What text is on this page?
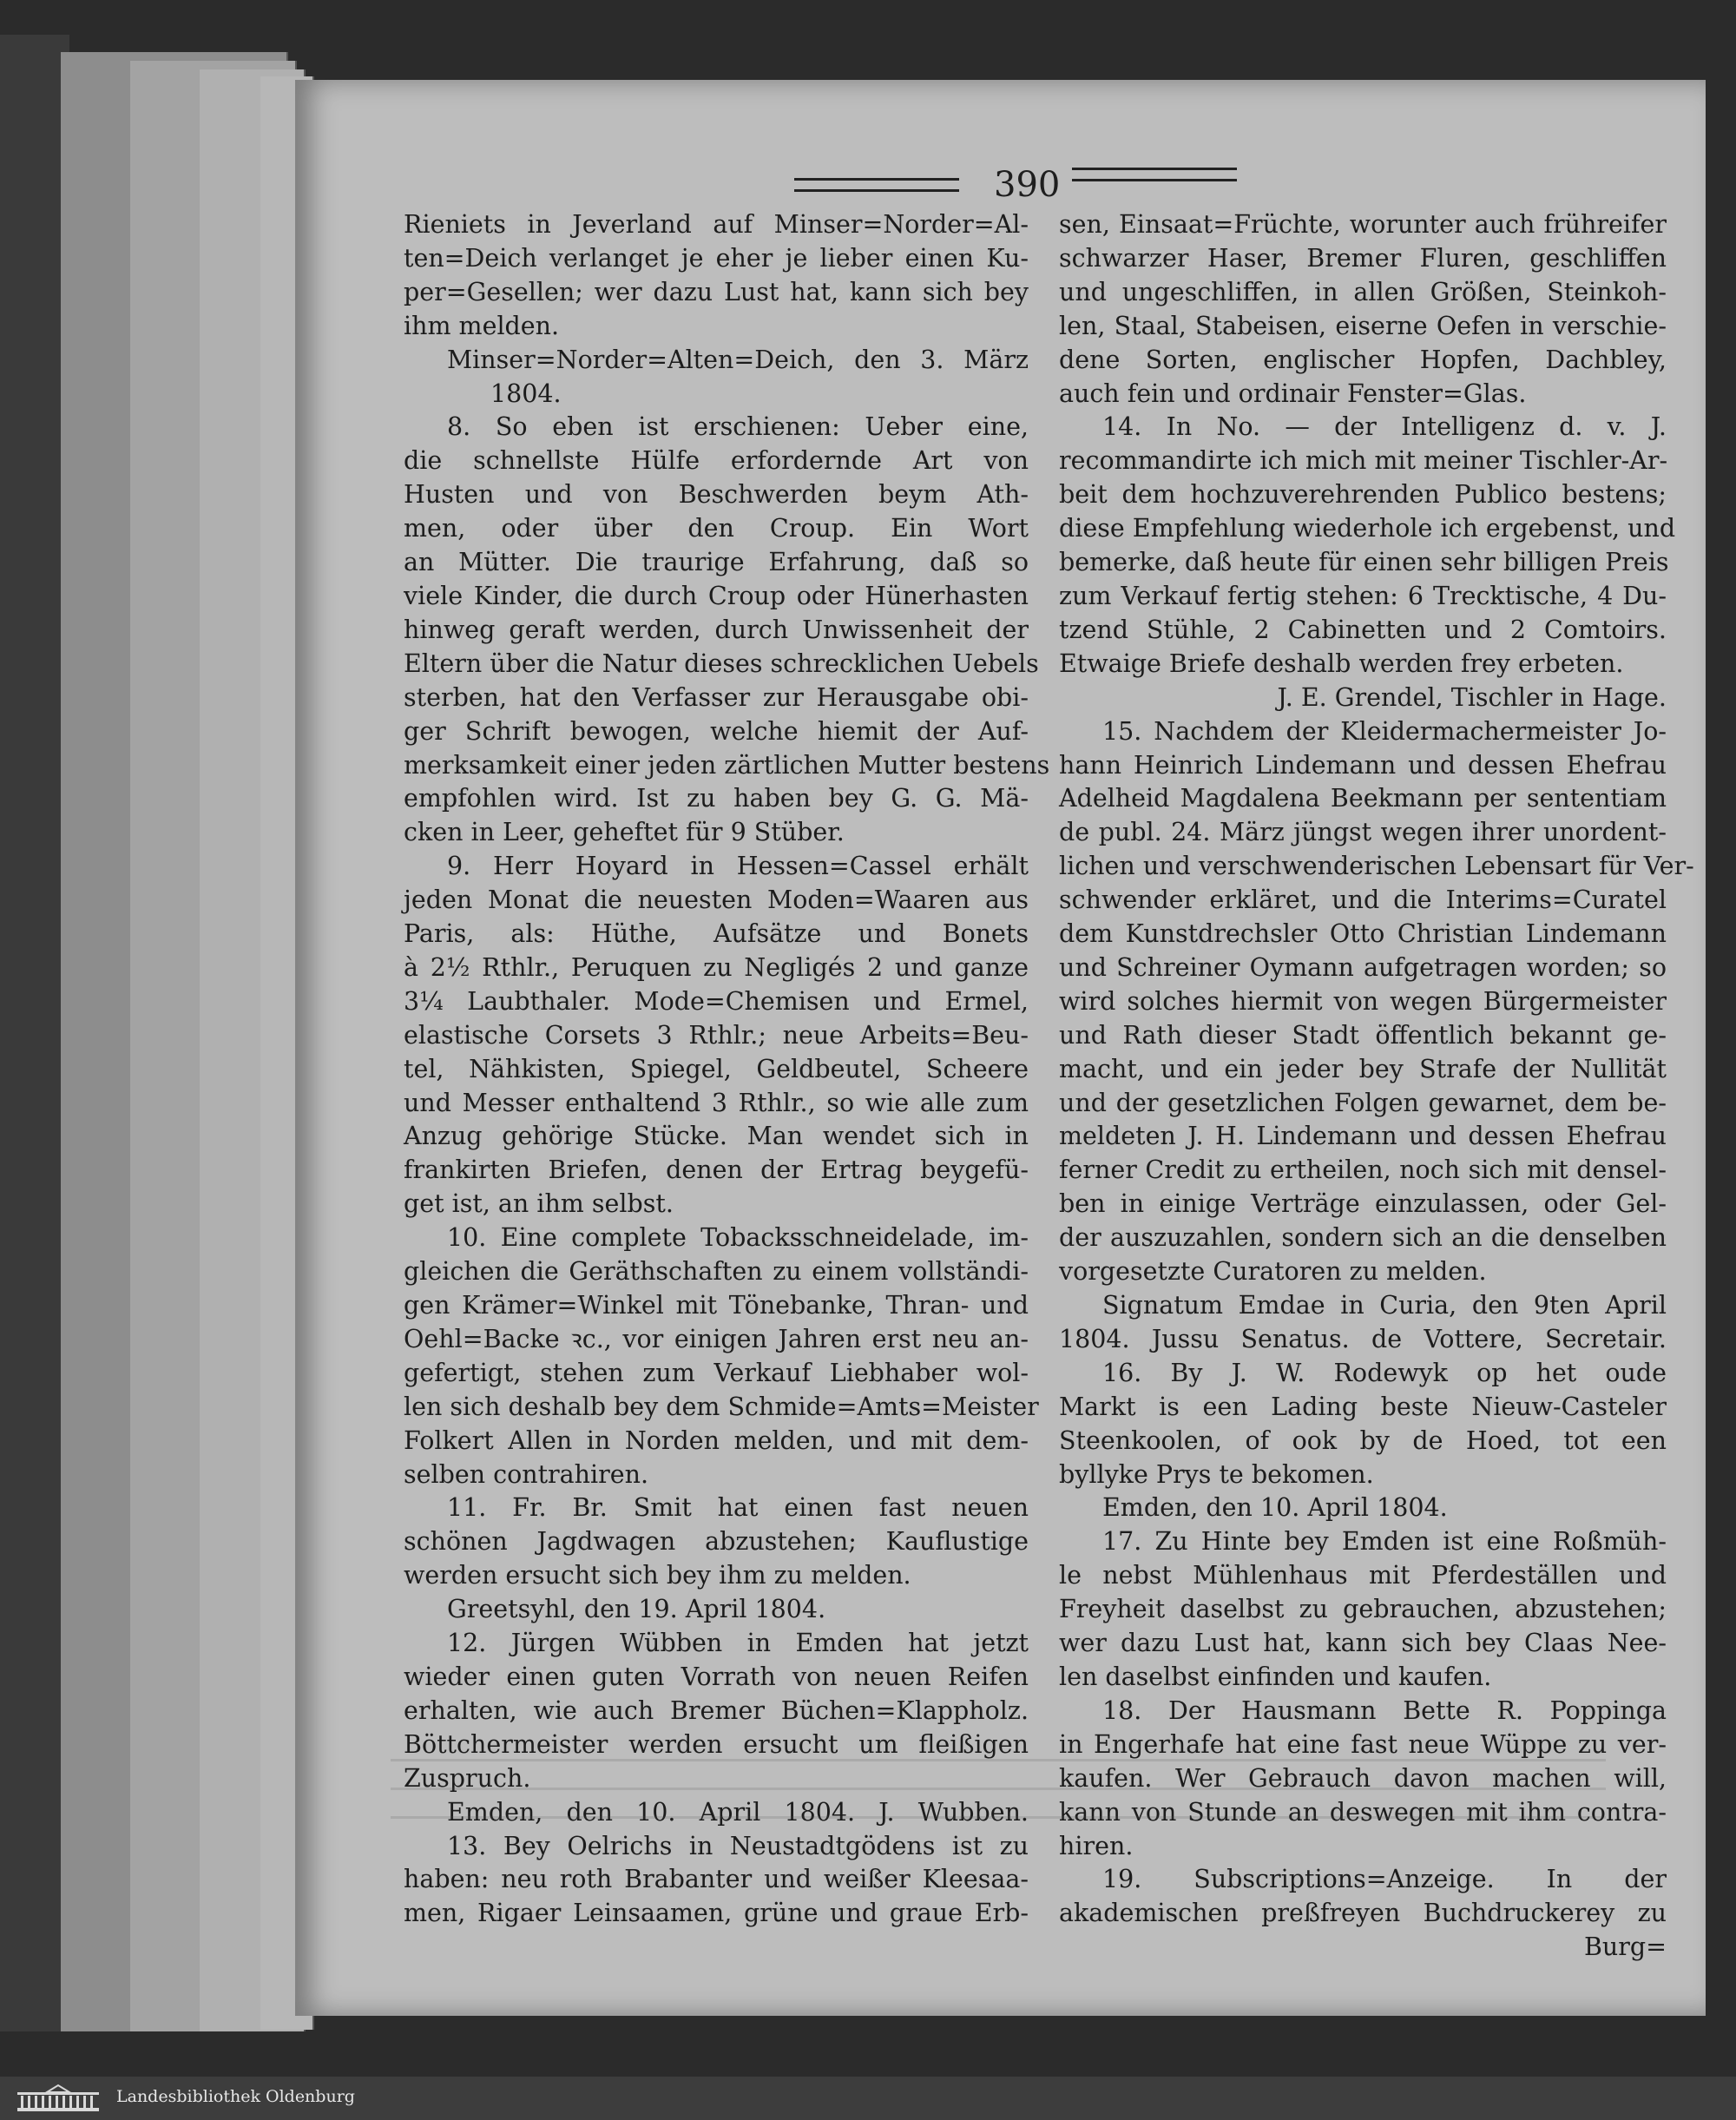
390
Rieniets in Jeverland auf Minser=Norder=Al-
ten=Deich verlanget je eher je lieber einen Ku-
per=Gesellen; wer dazu Lust hat, kann sich bey
ihm melden.
Minser=Norder=Alten=Deich, den 3. März
1804.
8. So eben ist erschienen: Ueber eine,
die schnellste Hülfe erfordernde Art von
Husten und von Beschwerden beym Ath-
men, oder über den Croup. Ein Wort
an Mütter. Die traurige Erfahrung, daß so
viele Kinder, die durch Croup oder Hünerhasten
hinweg geraft werden, durch Unwissenheit der
Eltern über die Natur dieses schrecklichen Uebels
sterben, hat den Verfasser zur Herausgabe obi-
ger Schrift bewogen, welche hiemit der Auf-
merksamkeit einer jeden zärtlichen Mutter bestens
empfohlen wird. Ist zu haben bey G. G. Mä-
cken in Leer, geheftet für 9 Stüber.
9. Herr Hoyard in Hessen=Cassel erhält
jeden Monat die neuesten Moden=Waaren aus
Paris, als: Hüthe, Aufsätze und Bonets
à 2½ Rthlr., Peruquen zu Negligés 2 und ganze
3¼ Laubthaler. Mode=Chemisen und Ermel,
elastische Corsets 3 Rthlr.; neue Arbeits=Beu-
tel, Nähkisten, Spiegel, Geldbeutel, Scheere
und Messer enthaltend 3 Rthlr., so wie alle zum
Anzug gehörige Stücke. Man wendet sich in
frankirten Briefen, denen der Ertrag beygefü-
get ist, an ihm selbst.
10. Eine complete Tobacksschneidelade, im-
gleichen die Geräthschaften zu einem vollständi-
gen Krämer=Winkel mit Tönebanke, Thran- und
Oehl=Backe ꝛc., vor einigen Jahren erst neu an-
gefertigt, stehen zum Verkauf Liebhaber wol-
len sich deshalb bey dem Schmide=Amts=Meister
Folkert Allen in Norden melden, und mit dem-
selben contrahiren.
11. Fr. Br. Smit hat einen fast neuen
schönen Jagdwagen abzustehen; Kauflustige
werden ersucht sich bey ihm zu melden.
Greetsyhl, den 19. April 1804.
12. Jürgen Wübben in Emden hat jetzt
wieder einen guten Vorrath von neuen Reifen
erhalten, wie auch Bremer Büchen=Klappholz.
Böttchermeister werden ersucht um fleißigen
Zuspruch.
Emden, den 10. April 1804. J. Wubben.
13. Bey Oelrichs in Neustadtgödens ist zu
haben: neu roth Brabanter und weißer Kleesaa-
men, Rigaer Leinsaamen, grüne und graue Erb-
sen, Einsaat=Früchte, worunter auch frühreifer
schwarzer Haser, Bremer Fluren, geschliffen
und ungeschliffen, in allen Größen, Steinkoh-
len, Staal, Stabeisen, eiserne Oefen in verschie-
dene Sorten, englischer Hopfen, Dachbley,
auch fein und ordinair Fenster=Glas.
14. In No. — der Intelligenz d. v. J.
recommandirte ich mich mit meiner Tischler-Ar-
beit dem hochzuverehrenden Publico bestens;
diese Empfehlung wiederhole ich ergebenst, und
bemerke, daß heute für einen sehr billigen Preis
zum Verkauf fertig stehen: 6 Trecktische, 4 Du-
tzend Stühle, 2 Cabinetten und 2 Comtoirs.
Etwaige Briefe deshalb werden frey erbeten.
J. E. Grendel, Tischler in Hage.
15. Nachdem der Kleidermachermeister Jo-
hann Heinrich Lindemann und dessen Ehefrau
Adelheid Magdalena Beekmann per sententiam
de publ. 24. März jüngst wegen ihrer unordent-
lichen und verschwenderischen Lebensart für Ver-
schwender erkläret, und die Interims=Curatel
dem Kunstdrechsler Otto Christian Lindemann
und Schreiner Oymann aufgetragen worden; so
wird solches hiermit von wegen Bürgermeister
und Rath dieser Stadt öffentlich bekannt ge-
macht, und ein jeder bey Strafe der Nullität
und der gesetzlichen Folgen gewarnet, dem be-
meldeten J. H. Lindemann und dessen Ehefrau
ferner Credit zu ertheilen, noch sich mit densel-
ben in einige Verträge einzulassen, oder Gel-
der auszuzahlen, sondern sich an die denselben
vorgesetzte Curatoren zu melden.
Signatum Emdae in Curia, den 9ten April
1804. Jussu Senatus. de Vottere, Secretair.
16. By J. W. Rodewyk op het oude
Markt is een Lading beste Nieuw-Casteler
Steenkoolen, of ook by de Hoed, tot een
byllyke Prys te bekomen.
Emden, den 10. April 1804.
17. Zu Hinte bey Emden ist eine Roßmüh-
le nebst Mühlenhaus mit Pferdeställen und
Freyheit daselbst zu gebrauchen, abzustehen;
wer dazu Lust hat, kann sich bey Claas Nee-
len daselbst einfinden und kaufen.
18. Der Hausmann Bette R. Poppinga
in Engerhafe hat eine fast neue Wüppe zu ver-
kaufen. Wer Gebrauch davon machen will,
kann von Stunde an deswegen mit ihm contra-
hiren.
19. Subscriptions=Anzeige. In der
akademischen preßfreyen Buchdruckerey zu
Burg=
Landesbibliothek Oldenburg
